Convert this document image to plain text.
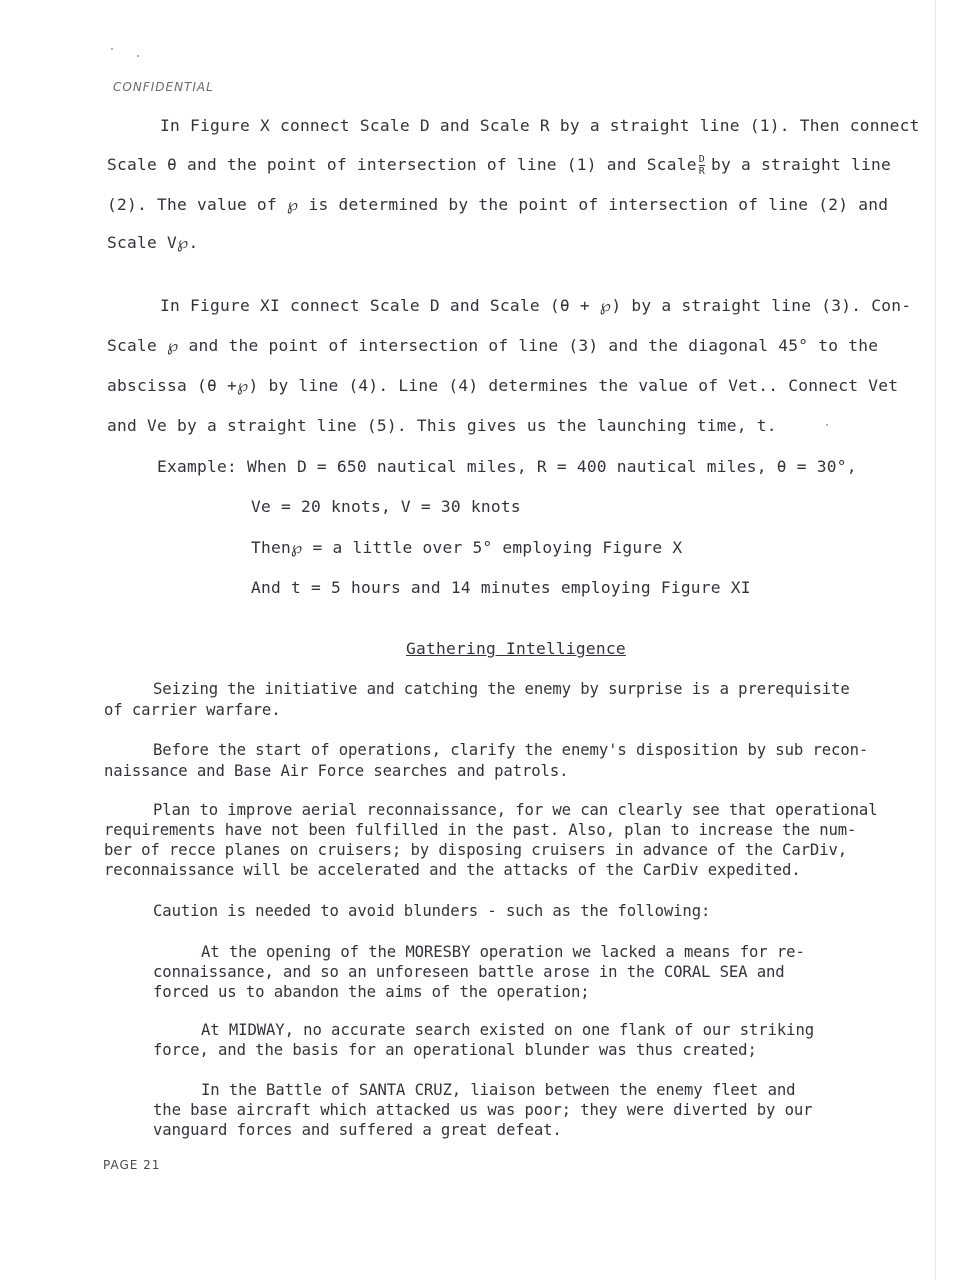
CONFIDENTIAL
In Figure X connect Scale D and Scale R by a straight line (1). Then connect
Scale θ and the point of intersection of line (1) and Scale $\frac{D}{R}$ by a straight line
(2). The value of ℘ is determined by the point of intersection of line (2) and
Scale V℘.
In Figure XI connect Scale D and Scale (θ + ℘) by a straight line (3). Con-
Scale ℘ and the point of intersection of line (3) and the diagonal 45° to the
abscissa (θ +℘) by line (4). Line (4) determines the value of Vet.. Connect Vet
and Ve by a straight line (5). This gives us the launching time, t.
Example: When D = 650 nautical miles, R = 400 nautical miles, θ = 30°,
Ve = 20 knots, V = 30 knots
Then℘ = a little over 5° employing Figure X
And t = 5 hours and 14 minutes employing Figure XI
Gathering Intelligence
Seizing the initiative and catching the enemy by surprise is a prerequisite
of carrier warfare.
Before the start of operations, clarify the enemy's disposition by sub recon-
naissance and Base Air Force searches and patrols.
Plan to improve aerial reconnaissance, for we can clearly see that operational
requirements have not been fulfilled in the past. Also, plan to increase the num-
ber of recce planes on cruisers; by disposing cruisers in advance of the CarDiv,
reconnaissance will be accelerated and the attacks of the CarDiv expedited.
Caution is needed to avoid blunders - such as the following:
At the opening of the MORESBY operation we lacked a means for re-
connaissance, and so an unforeseen battle arose in the CORAL SEA and
forced us to abandon the aims of the operation;
At MIDWAY, no accurate search existed on one flank of our striking
force, and the basis for an operational blunder was thus created;
In the Battle of SANTA CRUZ, liaison between the enemy fleet and
the base aircraft which attacked us was poor; they were diverted by our
vanguard forces and suffered a great defeat.
PAGE 21
